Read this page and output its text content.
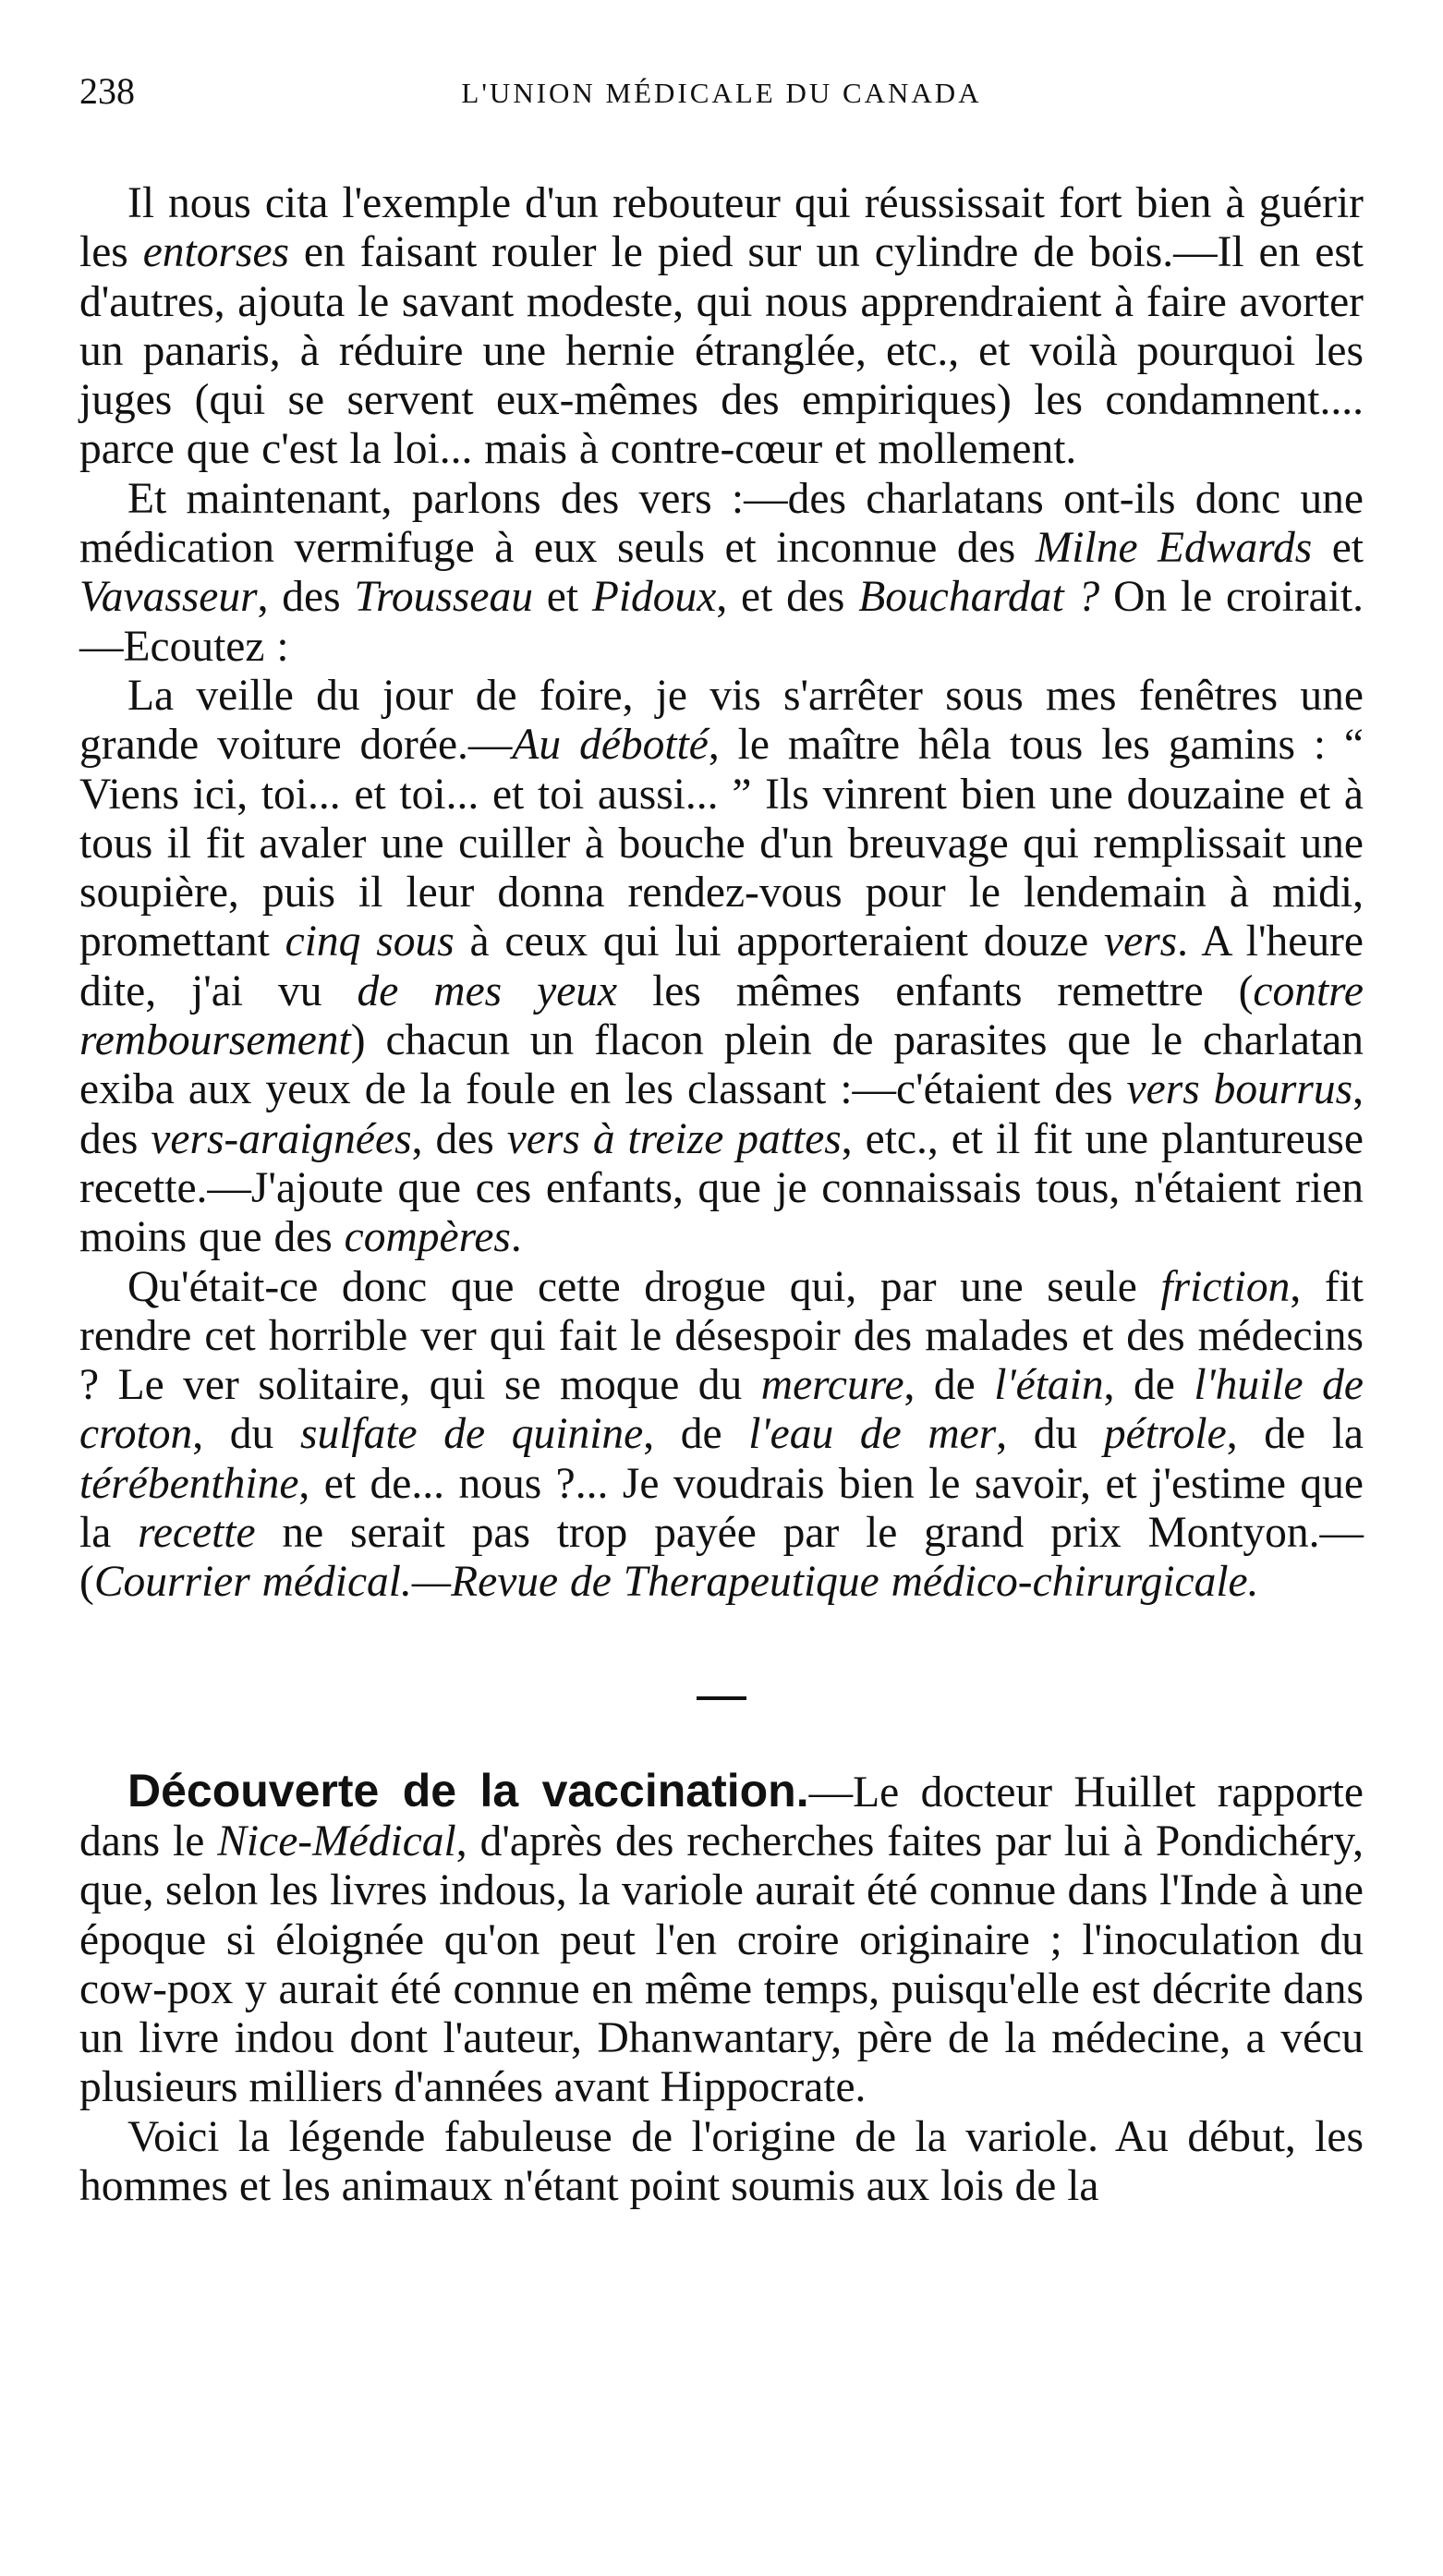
238	L'UNION MÉDICALE DU CANADA

Il nous cita l'exemple d'un rebouteur qui réussissait fort bien à guérir les entorses en faisant rouler le pied sur un cylindre de bois.—Il en est d'autres, ajouta le savant modeste, qui nous apprendraient à faire avorter un panaris, à réduire une hernie étranglée, etc., et voilà pourquoi les juges (qui se servent eux-mêmes des empiriques) les condamnent.... parce que c'est la loi... mais à contre-cœur et mollement.

Et maintenant, parlons des vers :—des charlatans ont-ils donc une médication vermifuge à eux seuls et inconnue des Milne Edwards et Vavasseur, des Trousseau et Pidoux, et des Bouchardat ? On le croirait.—Ecoutez :

La veille du jour de foire, je vis s'arrêter sous mes fenêtres une grande voiture dorée.—Au débotté, le maître hêla tous les gamins : “ Viens ici, toi... et toi... et toi aussi... ” Ils vinrent bien une douzaine et à tous il fit avaler une cuiller à bouche d'un breuvage qui remplissait une soupière, puis il leur donna rendez-vous pour le lendemain à midi, promettant cinq sous à ceux qui lui apporteraient douze vers. A l'heure dite, j'ai vu de mes yeux les mêmes enfants remettre (contre remboursement) chacun un flacon plein de parasites que le charlatan exiba aux yeux de la foule en les classant :—c'étaient des vers bourrus, des vers-araignées, des vers à treize pattes, etc., et il fit une plantureuse recette.—J'ajoute que ces enfants, que je connaissais tous, n'étaient rien moins que des compères.

Qu'était-ce donc que cette drogue qui, par une seule friction, fit rendre cet horrible ver qui fait le désespoir des malades et des médecins ? Le ver solitaire, qui se moque du mercure, de l'étain, de l'huile de croton, du sulfate de quinine, de l'eau de mer, du pétrole, de la térébenthine, et de... nous ?... Je voudrais bien le savoir, et j'estime que la recette ne serait pas trop payée par le grand prix Montyon.—(Courrier médical.—Revue de Therapeutique médico-chirurgicale.

Découverte de la vaccination.—Le docteur Huillet rapporte dans le Nice-Médical, d'après des recherches faites par lui à Pondichéry, que, selon les livres indous, la variole aurait été connue dans l'Inde à une époque si éloignée qu'on peut l'en croire originaire ; l'inoculation du cow-pox y aurait été connue en même temps, puisqu'elle est décrite dans un livre indou dont l'auteur, Dhanwantary, père de la médecine, a vécu plusieurs milliers d'années avant Hippocrate.

Voici la légende fabuleuse de l'origine de la variole. Au début, les hommes et les animaux n'étant point soumis aux lois de la
